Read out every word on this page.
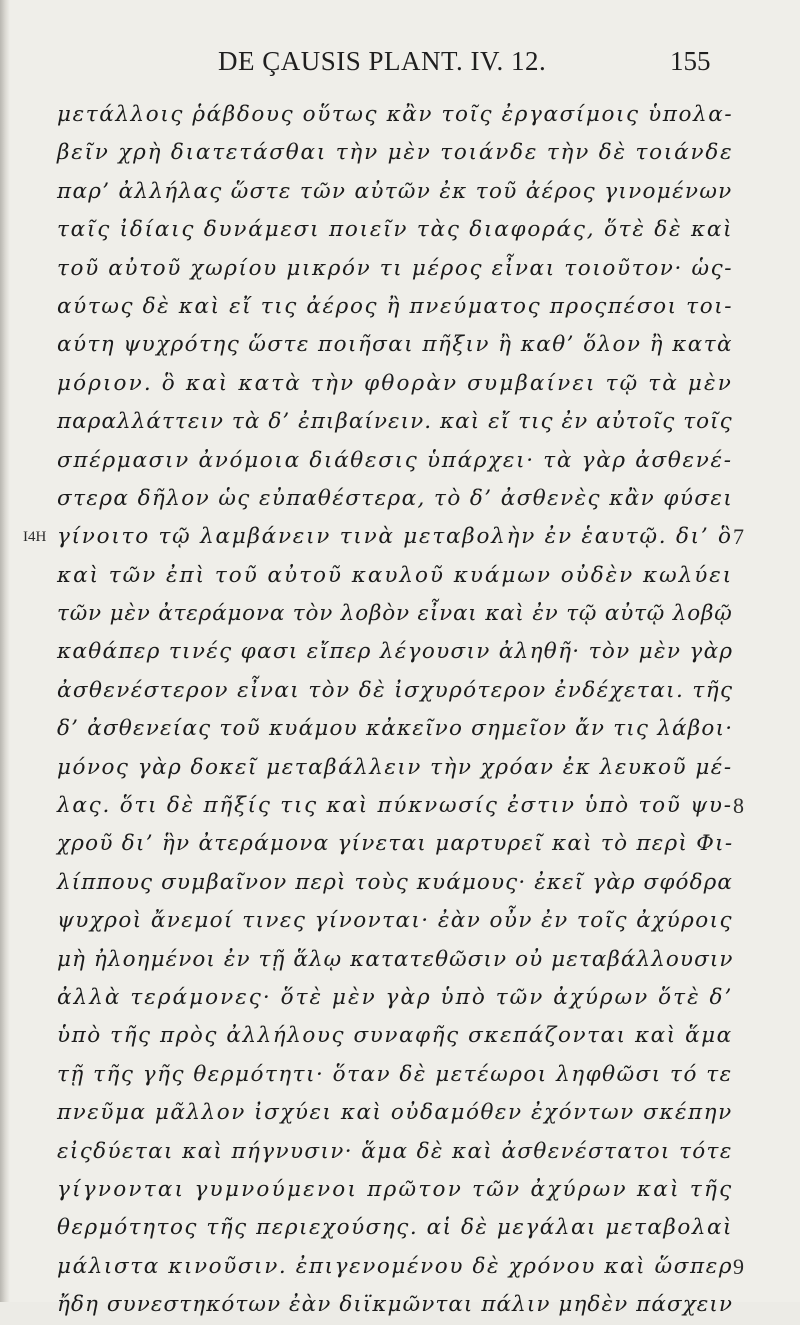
DE ÇAUSIS PLANT. IV. 12.	155
μετάλλοις ῥάβδους οὕτως κἂν τοῖς ἐργασίμοις ὑπολα-
βεῖν χρὴ διατετάσθαι τὴν μὲν τοιάνδε τὴν δὲ τοιάνδε
παρ’ ἀλλήλας ὥστε τῶν αὐτῶν ἐκ τοῦ ἀέρος γινομένων
ταῖς ἰδίαις δυνάμεσι ποιεῖν τὰς διαφοράς, ὅτὲ δὲ καὶ
τοῦ αὐτοῦ χωρίου μικρόν τι μέρος εἶναι τοιοῦτον· ὡς-
αύτως δὲ καὶ εἴ τις ἀέρος ἢ πνεύματος προςπέσοι τοι-
αύτη ψυχρότης ὥστε ποιῆσαι πῆξιν ἢ καθ’ ὅλον ἢ κατὰ
μόριον. ὃ καὶ κατὰ τὴν φθορὰν συμβαίνει τῷ τὰ μὲν
παραλλάττειν τὰ δ’ ἐπιβαίνειν. καὶ εἴ τις ἐν αὐτοῖς τοῖς
σπέρμασιν ἀνόμοια διάθεσις ὑπάρχει· τὰ γὰρ ἀσθενέ-
στερα δῆλον ὡς εὐπαθέστερα, τὸ δ’ ἀσθενὲς κἂν φύσει
γίνοιτο τῷ λαμβάνειν τινὰ μεταβολὴν ἐν ἑαυτῷ. δι’ ὃ
I4H	7
καὶ τῶν ἐπὶ τοῦ αὐτοῦ καυλοῦ κυάμων οὐδὲν κωλύει
τῶν μὲν ἀτεράμονα τὸν λοβὸν εἶναι καὶ ἐν τῷ αὐτῷ λοβῷ
καθάπερ τινές φασι εἴπερ λέγουσιν ἀληθῆ· τὸν μὲν γὰρ
ἀσθενέστερον εἶναι τὸν δὲ ἰσχυρότερον ἐνδέχεται. τῆς
δ’ ἀσθενείας τοῦ κυάμου κἀκεῖνο σημεῖον ἄν τις λάβοι·
μόνος γὰρ δοκεῖ μεταβάλλειν τὴν χρόαν ἐκ λευκοῦ μέ-
λας. ὅτι δὲ πῆξίς τις καὶ πύκνωσίς ἐστιν ὑπὸ τοῦ ψυ- 8
χροῦ δι’ ἣν ἀτεράμονα γίνεται μαρτυρεῖ καὶ τὸ περὶ Φι-
λίππους συμβαῖνον περὶ τοὺς κυάμους· ἐκεῖ γὰρ σφόδρα
ψυχροὶ ἄνεμοί τινες γίνονται· ἐὰν οὖν ἐν τοῖς ἀχύροις
μὴ ἠλοημένοι ἐν τῇ ἅλῳ κατατεθῶσιν οὐ μεταβάλλουσιν
ἀλλὰ τεράμονες· ὅτὲ μὲν γὰρ ὑπὸ τῶν ἀχύρων ὅτὲ δ’
ὑπὸ τῆς πρὸς ἀλλήλους συναφῆς σκεπάζονται καὶ ἅμα
τῇ τῆς γῆς θερμότητι· ὅταν δὲ μετέωροι ληφθῶσι τό τε
πνεῦμα μᾶλλον ἰσχύει καὶ οὐδαμόθεν ἐχόντων σκέπην
εἰςδύεται καὶ πήγνυσιν· ἅμα δὲ καὶ ἀσθενέστατοι τότε
γίγνονται γυμνούμενοι πρῶτον τῶν ἀχύρων καὶ τῆς
θερμότητος τῆς περιεχούσης. αἱ δὲ μεγάλαι μεταβολαὶ
μάλιστα κινοῦσιν. ἐπιγενομένου δὲ χρόνου καὶ ὥσπερ 9
ἤδη συνεστηκότων ἐὰν διϊκμῶνται πάλιν μηδὲν πάσχειν
